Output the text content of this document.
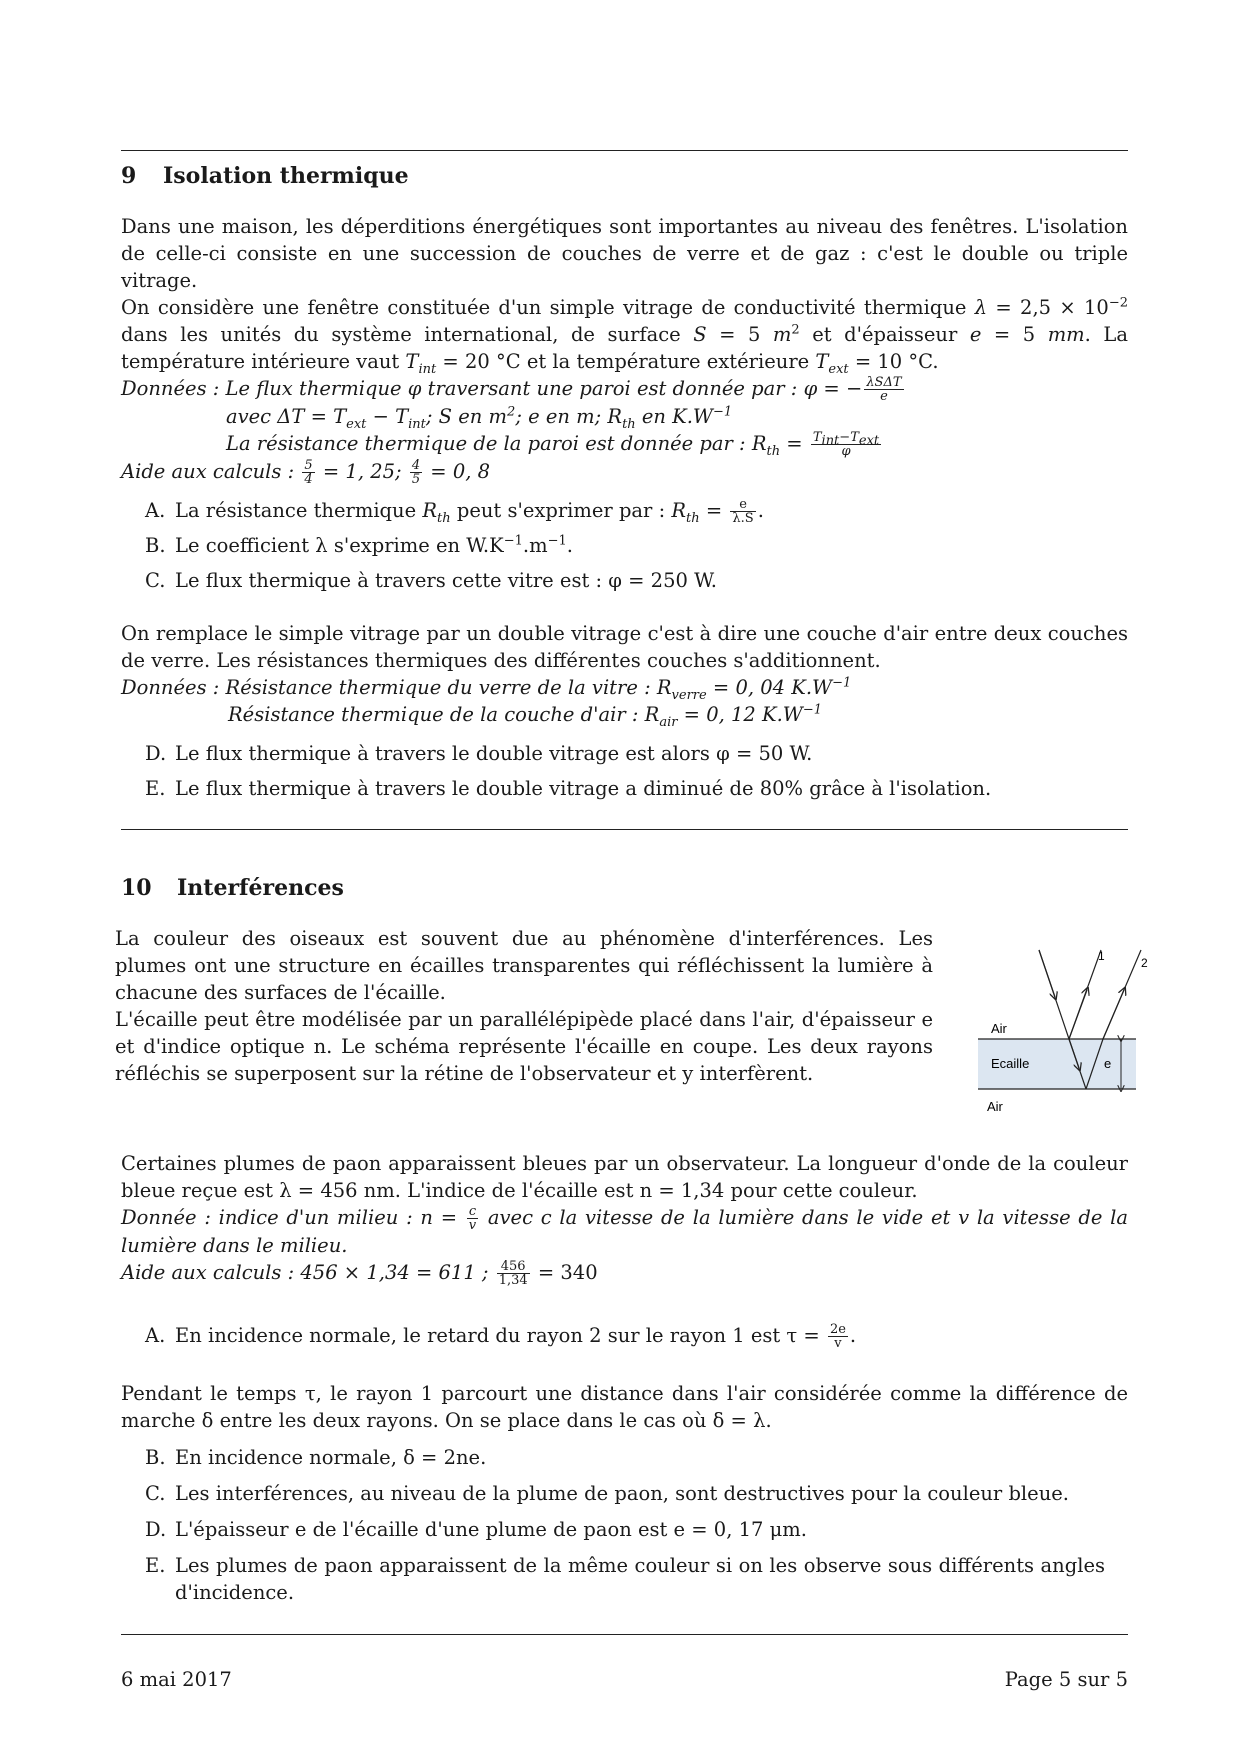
9 Isolation thermique

Dans une maison, les déperditions énergétiques sont importantes au niveau des fenêtres. L'isolation de celle-ci consiste en une succession de couches de verre et de gaz : c'est le double ou triple vitrage.

On considère une fenêtre constituée d'un simple vitrage de conductivité thermique $\lambda = 2,5 \times 10^{-2}$ dans les unités du système international, de surface S = 5 $m^2$ et d'épaisseur e = 5 mm. La température intérieure vaut $T_{int} = 20$ °C et la température extérieure $T_{ext} = 10$ °C.

Données : Le flux thermique φ traversant une paroi est donnée par : φ = − $\frac{\text{λSΔT}}{e}$

avec $\Delta T = T_{ext} - T_{int}$; S en $m^2$; e en m; $R_{th}$ en $K.W^{-1}$

La résistance thermique de la paroi est donnée par : $R_{th} = \frac{T_{int}-T_{ext}}{\varphi}$

Aide aux calculs : $\frac{5}{4} = 1$, 25; $\frac{4}{5} = 0$, 8

A. La résistance thermique $R_{th}$ peut s'exprimer par : $R_{th} = \frac{e}{\lambda.S}$ .
B. Le coefficient λ s'exprime en $W.K^{-1}.m^{-1}$.
C. Le flux thermique à travers cette vitre est : φ = 250 W.

On remplace le simple vitrage par un double vitrage c'est à dire une couche d'air entre deux couches de verre. Les résistances thermiques des différentes couches s'additionnent.

Données : Résistance thermique du verre de la vitre : $R_{verre} = 0$, 04 $K.W^{-1}$

Résistance thermique de la couche d'air : $R_{air} = 0$, 12 $K.W^{-1}$

D. Le flux thermique à travers le double vitrage est alors φ = 50 W.
E. Le flux thermique à travers le double vitrage a diminué de 80% grâce à l'isolation.
10 Interférences

La couleur des oiseaux est souvent due au phénomène d'interférences. Les plumes ont une structure en écailles transparentes qui réfléchissent la lumière à chacune des surfaces de l'écaille.

L'écaille peut être modélisée par un parallélépipède placé dans l'air, d'épaisseur e et d'indice optique n. Le schéma représente l'écaille en coupe. Les deux rayons réfléchis se superposent sur la rétine de l'observateur et y interfèrent.

Air
Ecaille	e
Air
1	2

Certaines plumes de paon apparaissent bleues par un observateur. La longueur d'onde de la couleur bleue reçue est λ = 456 nm. L'indice de l'écaille est n = 1,34 pour cette couleur.

Donnée : indice d'un milieu : $n = \frac{c}{v}$ avec c la vitesse de la lumière dans le vide et v la vitesse de la lumière dans le milieu.

Aide aux calculs : 456 × 1,34 = 611 ; $\frac{456}{1,34} = 340$

A. En incidence normale, le retard du rayon 2 sur le rayon 1 est $\tau = \frac{2e}{v}$ .

Pendant le temps τ, le rayon 1 parcourt une distance dans l'air considérée comme la différence de marche δ entre les deux rayons. On se place dans le cas où δ = λ.

B. En incidence normale, δ = 2ne.
C. Les interférences, au niveau de la plume de paon, sont destructives pour la couleur bleue.
D. L'épaisseur e de l'écaille d'une plume de paon est e = 0, 17 μm.
E. Les plumes de paon apparaissent de la même couleur si on les observe sous différents angles d'incidence.
6 mai 2017	Page 5 sur 5
